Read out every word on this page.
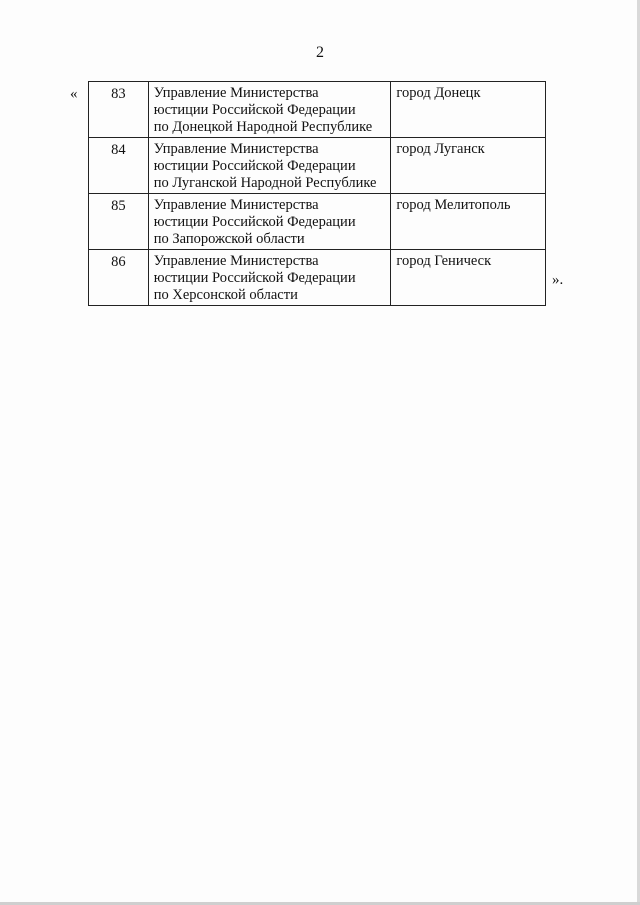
2
« 83	Управление Министерства
юстиции Российской Федерации
по Донецкой Народной Республике	город Донецк
84	Управление Министерства
юстиции Российской Федерации
по Луганской Народной Республике	город Луганск
85	Управление Министерства
юстиции Российской Федерации
по Запорожской области	город Мелитополь
86	Управление Министерства
юстиции Российской Федерации
по Херсонской области	город Геническ
».
